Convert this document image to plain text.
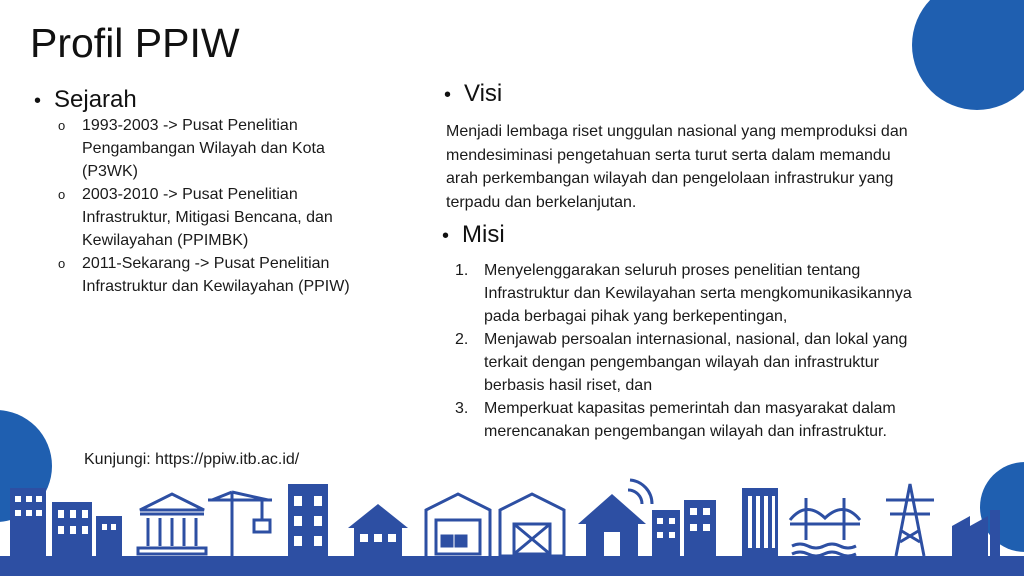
Profil PPIW
• Sejarah
o 1993-2003 -> Pusat Penelitian
Pengambangan Wilayah dan Kota
(P3WK)
o 2003-2010 -> Pusat Penelitian
Infrastruktur, Mitigasi Bencana, dan
Kewilayahan (PPIMBK)
o 2011-Sekarang -> Pusat Penelitian
Infrastruktur dan Kewilayahan (PPIW)
• Visi
Menjadi lembaga riset unggulan nasional yang memproduksi dan
mendesiminasi pengetahuan serta turut serta dalam memandu
arah perkembangan wilayah dan pengelolaan infrastrukur yang
terpadu dan berkelanjutan.
• Misi
1. Menyelenggarakan seluruh proses penelitian tentang
Infrastruktur dan Kewilayahan serta mengkomunikasikannya
pada berbagai pihak yang berkepentingan,
2. Menjawab persoalan internasional, nasional, dan lokal yang
terkait dengan pengembangan wilayah dan infrastruktur
berbasis hasil riset, dan
3. Memperkuat kapasitas pemerintah dan masyarakat dalam
merencanakan pengembangan wilayah dan infrastruktur.
Kunjungi: https://ppiw.itb.ac.id/
